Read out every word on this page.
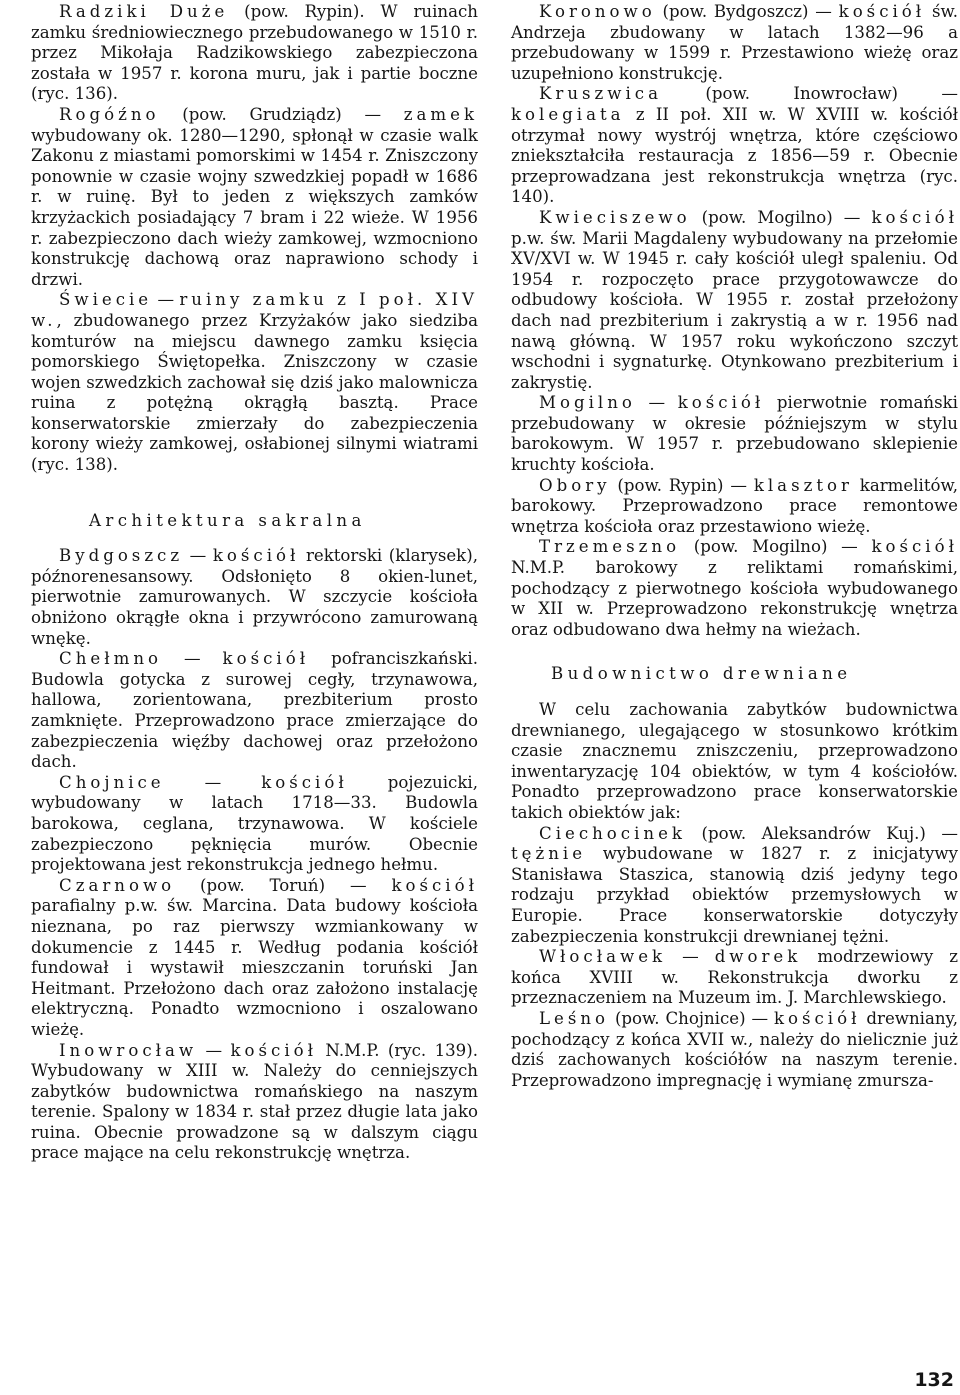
Radziki Duże (pow. Rypin). W ruinach zamku średniowiecznego przebudowanego w 1510 r. przez Mikołaja Radzikowskiego zabezpieczona została w 1957 r. korona muru, jak i partie boczne (ryc. 136).

Rogóźno (pow. Grudziądz) — zamek wybudowany ok. 1280—1290, spłonął w czasie walk Zakonu z miastami pomorskimi w 1454 r. Zniszczony ponownie w czasie wojny szwedzkiej popadł w 1686 r. w ruinę. Był to jeden z większych zamków krzyżackich posiadający 7 bram i 22 wieże. W 1956 r. zabezpieczono dach wieży zamkowej, wzmocniono konstrukcję dachową oraz naprawiono schody i drzwi.

Świecie — ruiny zamku z I poł. XIV w., zbudowanego przez Krzyżaków jako siedziba komturów na miejscu dawnego zamku księcia pomorskiego Świętopełka. Zniszczony w czasie wojen szwedzkich zachował się dziś jako malownicza ruina z potężną okrągłą basztą. Prace konserwatorskie zmierzały do zabezpieczenia korony wieży zamkowej, osłabionej silnymi wiatrami (ryc. 138).

Architektura sakralna

Bydgoszcz — kościół rektorski (klarysek), późnorenesansowy. Odsłonięto 8 okien-lunet, pierwotnie zamurowanych. W szczycie kościoła obniżono okrągłe okna i przywrócono zamurowaną wnękę.

Chełmno — kościół pofranciszkański. Budowla gotycka z surowej cegły, trzynawowa, hallowa, zorientowana, prezbiterium prosto zamknięte. Przeprowadzono prace zmierzające do zabezpieczenia więźby dachowej oraz przełożono dach.

Chojnice — kościół pojezuicki, wybudowany w latach 1718—33. Budowla barokowa, ceglana, trzynawowa. W kościele zabezpieczono pęknięcia murów. Obecnie projektowana jest rekonstrukcja jednego hełmu.

Czarnowo (pow. Toruń) — kościół parafialny p.w. św. Marcina. Data budowy kościoła nieznana, po raz pierwszy wzmiankowany w dokumencie z 1445 r. Według podania kościół fundował i wystawił mieszczanin toruński Jan Heitmant. Przełożono dach oraz założono instalację elektryczną. Ponadto wzmocniono i oszalowano wieżę.

Inowrocław — kościół N.M.P. (ryc. 139). Wybudowany w XIII w. Należy do cenniejszych zabytków budownictwa romańskiego na naszym terenie. Spalony w 1834 r. stał przez długie lata jako ruina. Obecnie prowadzone są w dalszym ciągu prace mające na celu rekonstrukcję wnętrza.

Koronowo (pow. Bydgoszcz) — kościół św. Andrzeja zbudowany w latach 1382—96 a przebudowany w 1599 r. Przestawiono wieżę oraz uzupełniono konstrukcję.

Kruszwica (pow. Inowrocław) — kolegiata z II poł. XII w. W XVIII w. kościół otrzymał nowy wystrój wnętrza, które częściowo zniekształciła restauracja z 1856—59 r. Obecnie przeprowadzana jest rekonstrukcja wnętrza (ryc. 140).

Kwieciszewo (pow. Mogilno) — kościół p.w. św. Marii Magdaleny wybudowany na przełomie XV/XVI w. W 1945 r. cały kościół uległ spaleniu. Od 1954 r. rozpoczęto prace przygotowawcze do odbudowy kościoła. W 1955 r. został przełożony dach nad prezbiterium i zakrystią a w r. 1956 nad nawą główną. W 1957 roku wykończono szczyt wschodni i sygnaturkę. Otynkowano prezbiterium i zakrystię.

Mogilno — kościół pierwotnie romański przebudowany w okresie późniejszym w stylu barokowym. W 1957 r. przebudowano sklepienie kruchty kościoła.

Obory (pow. Rypin) — klasztor karmelitów, barokowy. Przeprowadzono prace remontowe wnętrza kościoła oraz przestawiono wieżę.

Trzemeszno (pow. Mogilno) — kościół N.M.P. barokowy z reliktami romańskimi, pochodzący z pierwotnego kościoła wybudowanego w XII w. Przeprowadzono rekonstrukcję wnętrza oraz odbudowano dwa hełmy na wieżach.

Budownictwo drewniane

W celu zachowania zabytków budownictwa drewnianego, ulegającego w stosunkowo krótkim czasie znacznemu zniszczeniu, przeprowadzono inwentaryzację 104 obiektów, w tym 4 kościołów. Ponadto przeprowadzono prace konserwatorskie takich obiektów jak:

Ciechocinek (pow. Aleksandrów Kuj.) — tężnie wybudowane w 1827 r. z inicjatywy Stanisława Staszica, stanowią dziś jedyny tego rodzaju przykład obiektów przemysłowych w Europie. Prace konserwatorskie dotyczyły zabezpieczenia konstrukcji drewnianej tężni.

Włocławek — dworek modrzewiowy z końca XVIII w. Rekonstrukcja dworku z przeznaczeniem na Muzeum im. J. Marchlewskiego.

Leśno (pow. Chojnice) — kościół drewniany, pochodzący z końca XVII w., należy do nielicznie już dziś zachowanych kościółów na naszym terenie. Przeprowadzono impregnację i wymianę zmursza-

132
